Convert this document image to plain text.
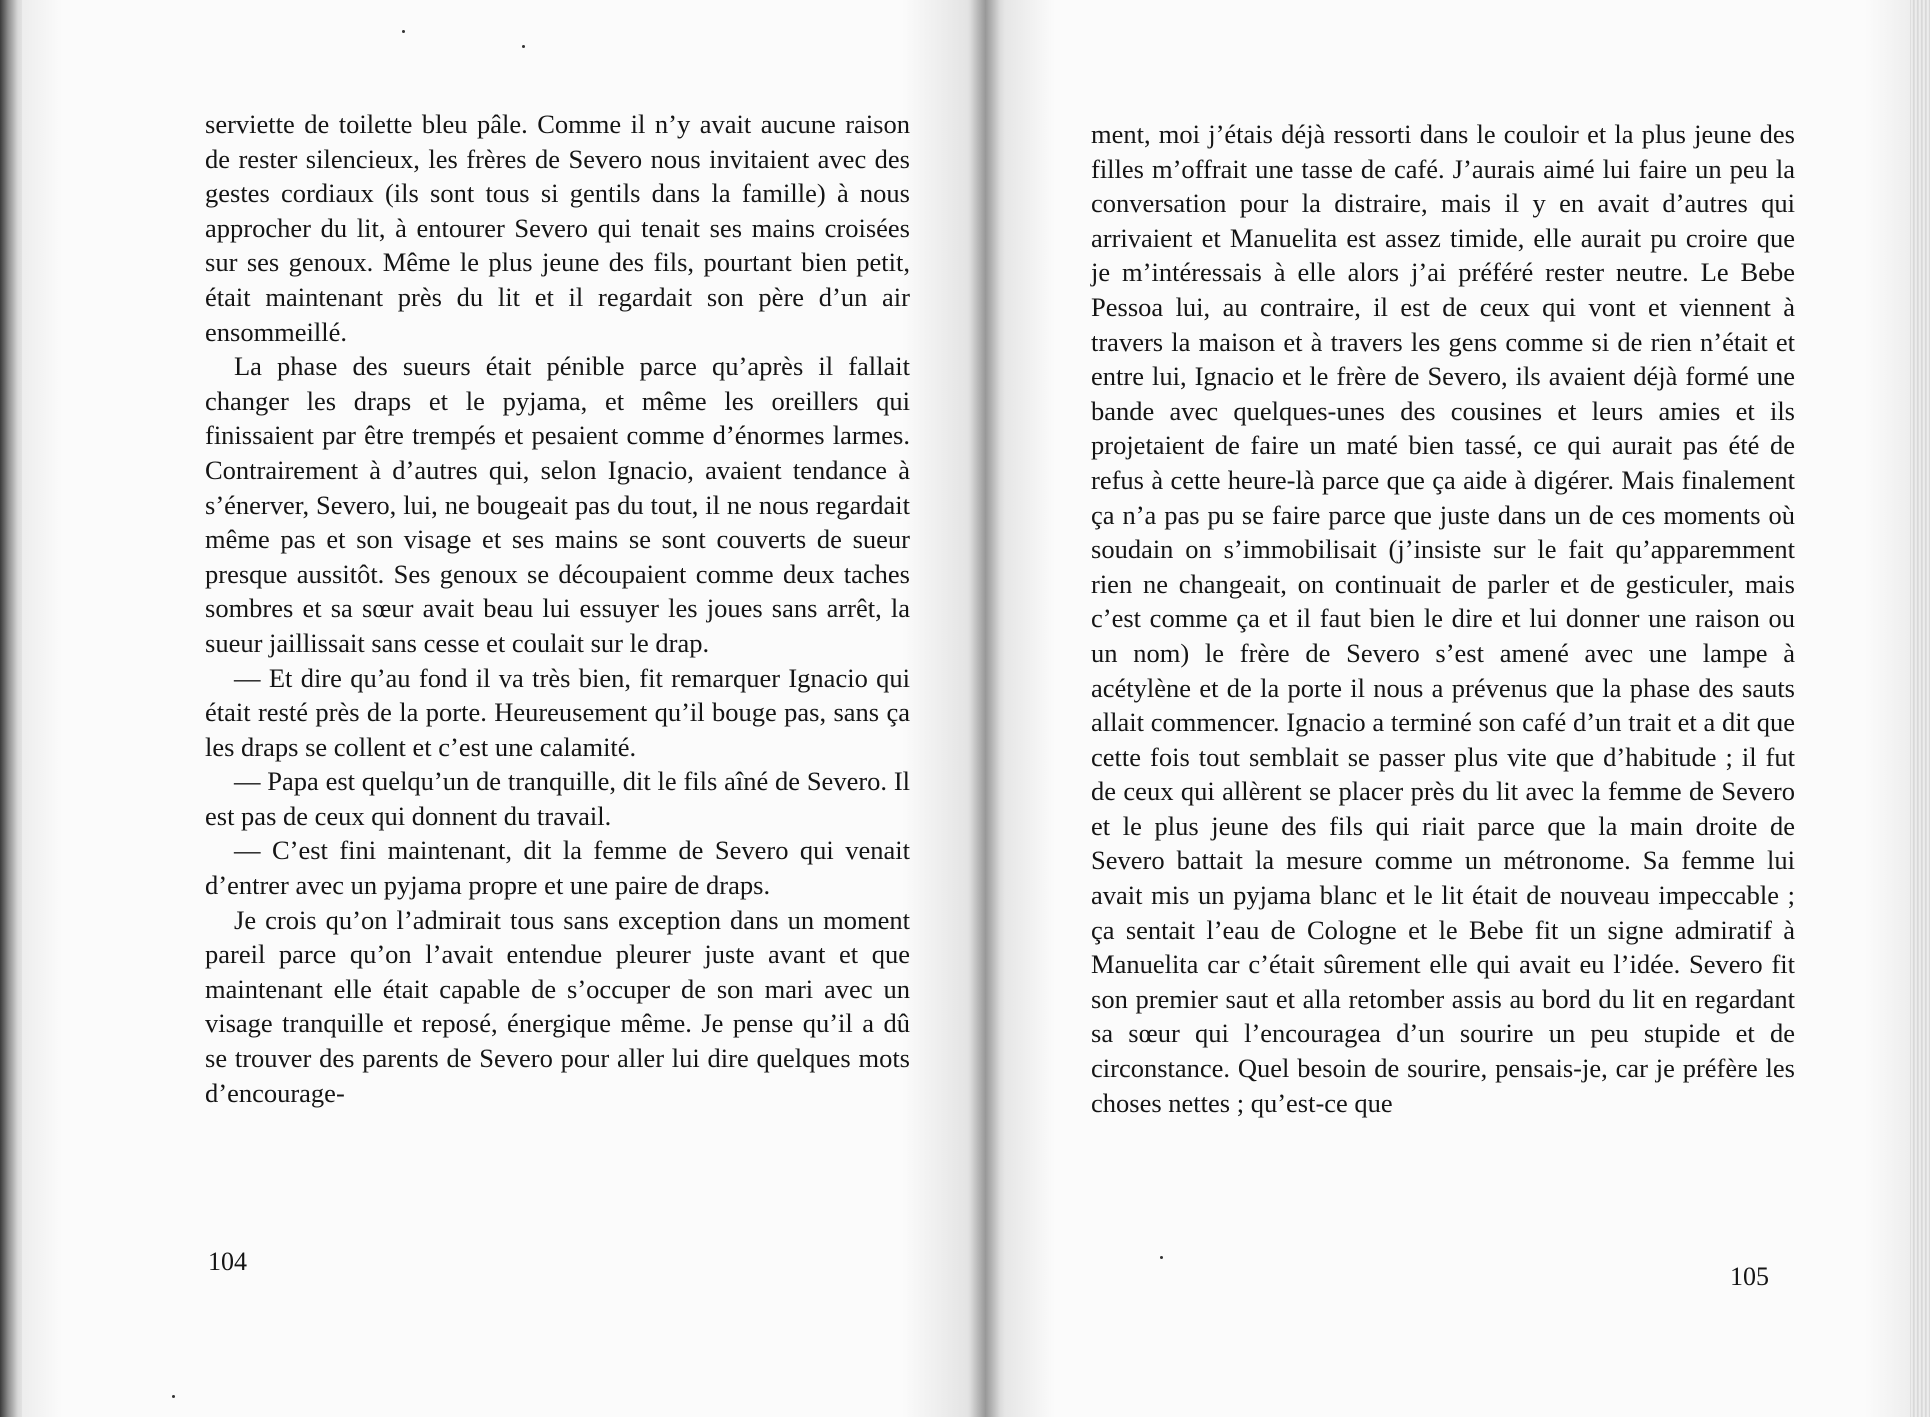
serviette de toilette bleu pâle. Comme il n’y avait aucune raison de rester silencieux, les frères de Severo nous invitaient avec des gestes cordiaux (ils sont tous si gentils dans la famille) à nous approcher du lit, à entourer Severo qui tenait ses mains croisées sur ses genoux. Même le plus jeune des fils, pourtant bien petit, était maintenant près du lit et il regardait son père d’un air ensommeillé.

La phase des sueurs était pénible parce qu’après il fallait changer les draps et le pyjama, et même les oreillers qui finissaient par être trempés et pesaient comme d’énormes larmes. Contrairement à d’autres qui, selon Ignacio, avaient tendance à s’énerver, Severo, lui, ne bougeait pas du tout, il ne nous regardait même pas et son visage et ses mains se sont couverts de sueur presque aussitôt. Ses genoux se découpaient comme deux taches sombres et sa sœur avait beau lui essuyer les joues sans arrêt, la sueur jaillissait sans cesse et coulait sur le drap.

— Et dire qu’au fond il va très bien, fit remarquer Ignacio qui était resté près de la porte. Heureusement qu’il bouge pas, sans ça les draps se collent et c’est une calamité.

— Papa est quelqu’un de tranquille, dit le fils aîné de Severo. Il est pas de ceux qui donnent du travail.

— C’est fini maintenant, dit la femme de Severo qui venait d’entrer avec un pyjama propre et une paire de draps.

Je crois qu’on l’admirait tous sans exception dans un moment pareil parce qu’on l’avait entendue pleurer juste avant et que maintenant elle était capable de s’occuper de son mari avec un visage tranquille et reposé, énergique même. Je pense qu’il a dû se trouver des parents de Severo pour aller lui dire quelques mots d’encourage-

104

ment, moi j’étais déjà ressorti dans le couloir et la plus jeune des filles m’offrait une tasse de café. J’aurais aimé lui faire un peu la conversation pour la distraire, mais il y en avait d’autres qui arrivaient et Manuelita est assez timide, elle aurait pu croire que je m’intéressais à elle alors j’ai préféré rester neutre. Le Bebe Pessoa lui, au contraire, il est de ceux qui vont et viennent à travers la maison et à travers les gens comme si de rien n’était et entre lui, Ignacio et le frère de Severo, ils avaient déjà formé une bande avec quelques-unes des cousines et leurs amies et ils projetaient de faire un maté bien tassé, ce qui aurait pas été de refus à cette heure-là parce que ça aide à digérer. Mais finalement ça n’a pas pu se faire parce que juste dans un de ces moments où soudain on s’immobilisait (j’insiste sur le fait qu’apparemment rien ne changeait, on continuait de parler et de gesticuler, mais c’est comme ça et il faut bien le dire et lui donner une raison ou un nom) le frère de Severo s’est amené avec une lampe à acétylène et de la porte il nous a prévenus que la phase des sauts allait commencer. Ignacio a terminé son café d’un trait et a dit que cette fois tout semblait se passer plus vite que d’habitude ; il fut de ceux qui allèrent se placer près du lit avec la femme de Severo et le plus jeune des fils qui riait parce que la main droite de Severo battait la mesure comme un métronome. Sa femme lui avait mis un pyjama blanc et le lit était de nouveau impeccable ; ça sentait l’eau de Cologne et le Bebe fit un signe admiratif à Manuelita car c’était sûrement elle qui avait eu l’idée. Severo fit son premier saut et alla retomber assis au bord du lit en regardant sa sœur qui l’encouragea d’un sourire un peu stupide et de circonstance. Quel besoin de sourire, pensais-je, car je préfère les choses nettes ; qu’est-ce que

105
